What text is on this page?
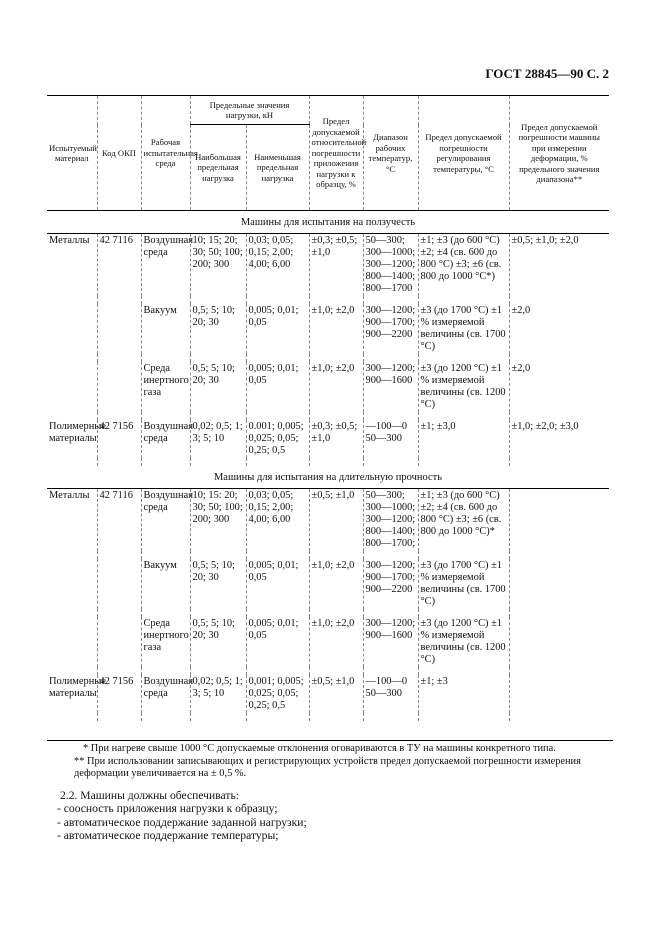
ГОСТ 28845—90 С. 2
Испытуемый материал	Код ОКП	Рабочая испытательная среда	Предельные значения нагрузки, кН		Предел допускаемой относительной погрешности приложения нагрузки к образцу, %	Диапазон рабочих температур, °С	Предел допускаемой погрешности регулирования температуры, °С	Предел допускаемой погрешности машины при измерении деформации, % предельного значения диапазона**
			Наибольшая предельная нагрузка	Наименьшая предельная нагрузка				
Машины для испытания на ползучесть								
Металлы	42 7116	Воздушная среда	10; 15; 20; 30; 50; 100; 200; 300	0,03; 0,05; 0,15; 2,00; 4,00; 6,00	±0,3; ±0,5; ±1,0	50—300;
300—1000;
300—1200;
800—1400;
800—1700	±1; ±3 (до 600 °С) ±2; ±4 (св. 600 до 800 °С) ±3; ±6 (св. 800 до 1000 °С*)	±0,5; ±1,0; ±2,0

		Вакуум	0,5; 5; 10; 20; 30	0,005; 0,01; 0,05	±1,0; ±2,0	300—1200;
900—1700;
900—2200	±3 (до 1700 °С) ±1 % измеряемой величины (св. 1700 °С)	±2,0

		Среда инертного газа	0,5; 5; 10; 20; 30	0,005; 0,01; 0,05	±1,0; ±2,0	300—1200;
900—1600	±3 (до 1200 °С) ±1 % измеряемой величины (св. 1200 °С)	±2,0

Полимерные материалы	42 7156	Воздушная среда	0,02; 0,5; 1; 3; 5; 10	0.001; 0,005; 0,025; 0,05; 0,25; 0,5	±0,3; ±0,5; ±1,0	—100—0
50—300	±1; ±3,0	±1,0; ±2,0; ±3,0

Машины для испытания на длительную прочность								
Металлы	42 7116	Воздушная среда	10; 15: 20; 30; 50; 100; 200; 300	0,03; 0,05; 0,15; 2,00; 4,00; 6,00	±0,5; ±1,0	50—300;
300—1000;
300—1200;
800—1400;
800—1700;	±1; ±3 (до 600 °С) ±2; ±4 (св. 600 до 800 °С) ±3; ±6 (св. 800 до 1000 °С)*	

		Вакуум	0,5; 5; 10; 20; 30	0,005; 0,01; 0,05	±1,0; ±2,0	300—1200;
900—1700;
900—2200	±3 (до 1700 °С) ±1 % измеряемой величины (св. 1700 °С)	

		Среда инертного газа	0,5; 5; 10; 20; 30	0,005; 0,01; 0,05	±1,0; ±2,0	300—1200;
900—1600	±3 (до 1200 °С) ±1 % измеряемой величины (св. 1200 °С)	

Полимерные материалы	42 7156	Воздушная среда	0,02; 0,5; 1; 3; 5; 10	0,001; 0,005; 0,025; 0,05; 0,25; 0,5	±0,5; ±1,0	—100—0
50—300	±1; ±3	

* При нагреве свыше 1000 °С допускаемые отклонения оговариваются в ТУ на машины конкретного типа.

** При использовании записывающих и регистрирующих устройств предел допускаемой погрешности измерения деформации увеличивается на ± 0,5 %.

2.2. Машины должны обеспечивать:

- соосность приложения нагрузки к образцу;

- автоматическое поддержание заданной нагрузки;

- автоматическое поддержание температуры;
